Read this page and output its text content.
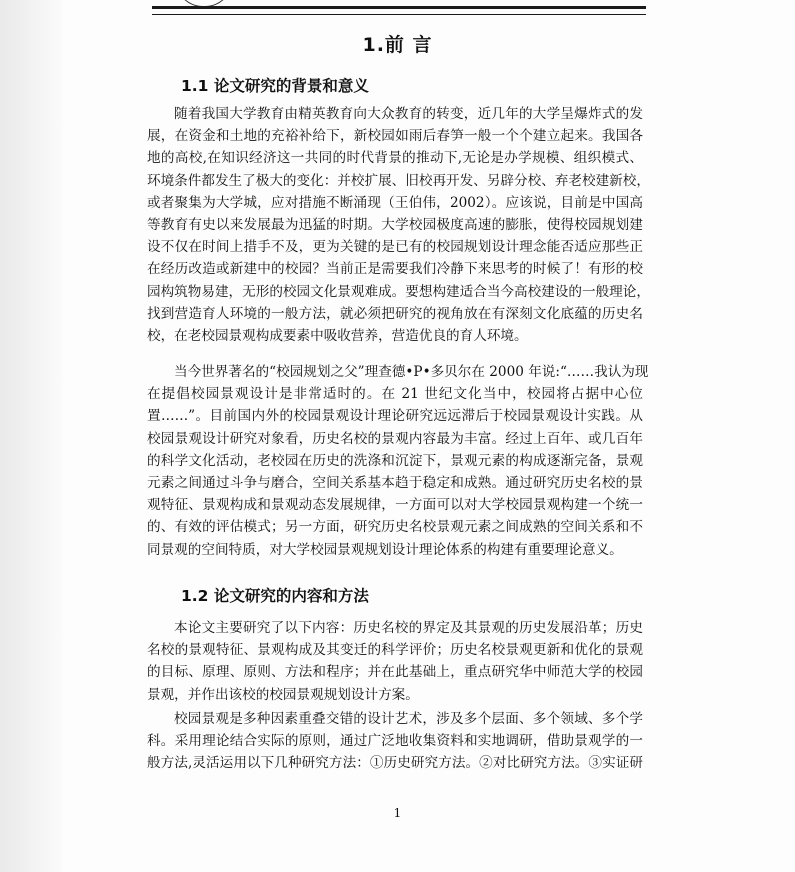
1.前 言
1.1 论文研究的背景和意义
随着我国大学教育由精英教育向大众教育的转变，近几年的大学呈爆炸式的发
展，在资金和土地的充裕补给下，新校园如雨后春笋一般一个个建立起来。我国各
地的高校,在知识经济这一共同的时代背景的推动下,无论是办学规模、组织模式、
环境条件都发生了极大的变化：并校扩展、旧校再开发、另辟分校、弃老校建新校，
或者聚集为大学城，应对措施不断涌现（王伯伟，2002）。应该说，目前是中国高
等教育有史以来发展最为迅猛的时期。大学校园极度高速的膨胀，使得校园规划建
设不仅在时间上措手不及，更为关键的是已有的校园规划设计理念能否适应那些正
在经历改造或新建中的校园？当前正是需要我们冷静下来思考的时候了！有形的校
园构筑物易建，无形的校园文化景观难成。要想构建适合当今高校建设的一般理论，
找到营造育人环境的一般方法，就必须把研究的视角放在有深刻文化底蕴的历史名
校，在老校园景观构成要素中吸收营养，营造优良的育人环境。
当今世界著名的“校园规划之父”理查德•P•多贝尔在 2000 年说:“……我认为现
在提倡校园景观设计是非常适时的。在 21 世纪文化当中，校园将占据中心位
置……”。目前国内外的校园景观设计理论研究远远滞后于校园景观设计实践。从
校园景观设计研究对象看，历史名校的景观内容最为丰富。经过上百年、或几百年
的科学文化活动，老校园在历史的洗涤和沉淀下，景观元素的构成逐渐完备，景观
元素之间通过斗争与磨合，空间关系基本趋于稳定和成熟。通过研究历史名校的景
观特征、景观构成和景观动态发展规律，一方面可以对大学校园景观构建一个统一
的、有效的评估模式；另一方面，研究历史名校景观元素之间成熟的空间关系和不
同景观的空间特质，对大学校园景观规划设计理论体系的构建有重要理论意义。
1.2 论文研究的内容和方法
本论文主要研究了以下内容：历史名校的界定及其景观的历史发展沿革；历史
名校的景观特征、景观构成及其变迁的科学评价；历史名校景观更新和优化的景观
的目标、原理、原则、方法和程序；并在此基础上，重点研究华中师范大学的校园
景观，并作出该校的校园景观规划设计方案。
校园景观是多种因素重叠交错的设计艺术，涉及多个层面、多个领域、多个学
科。采用理论结合实际的原则，通过广泛地收集资料和实地调研，借助景观学的一
般方法,灵活运用以下几种研究方法：①历史研究方法。②对比研究方法。③实证研
1
